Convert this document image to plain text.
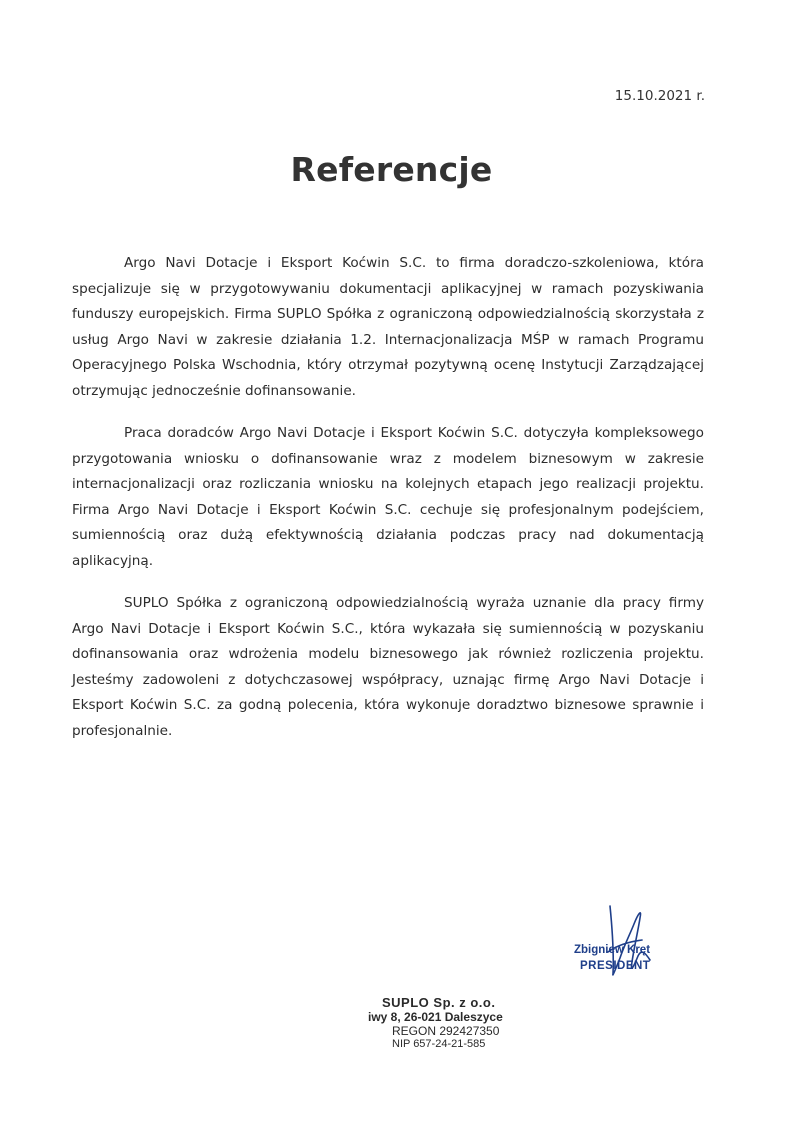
15.10.2021 r.
Referencje

Argo Navi Dotacje i Eksport Koćwin S.C. to firma doradczo-szkoleniowa, która specjalizuje się w przygotowywaniu dokumentacji aplikacyjnej w ramach pozyskiwania funduszy europejskich. Firma SUPLO Spółka z ograniczoną odpowiedzialnością skorzystała z usług Argo Navi w zakresie działania 1.2. Internacjonalizacja MŚP w ramach Programu Operacyjnego Polska Wschodnia, który otrzymał pozytywną ocenę Instytucji Zarządzającej otrzymując jednocześnie dofinansowanie.

Praca doradców Argo Navi Dotacje i Eksport Koćwin S.C. dotyczyła kompleksowego przygotowania wniosku o dofinansowanie wraz z modelem biznesowym w zakresie internacjonalizacji oraz rozliczania wniosku na kolejnych etapach jego realizacji projektu. Firma Argo Navi Dotacje i Eksport Koćwin S.C. cechuje się profesjonalnym podejściem, sumiennością oraz dużą efektywnością działania podczas pracy nad dokumentacją aplikacyjną.

SUPLO Spółka z ograniczoną odpowiedzialnością wyraża uznanie dla pracy firmy Argo Navi Dotacje i Eksport Koćwin S.C., która wykazała się sumiennością w pozyskaniu dofinansowania oraz wdrożenia modelu biznesowego jak również rozliczenia projektu. Jesteśmy zadowoleni z dotychczasowej współpracy, uznając firmę Argo Navi Dotacje i Eksport Koćwin S.C. za godną polecenia, która wykonuje doradztwo biznesowe sprawnie i profesjonalnie.

Zbigniew Kręt
PRESIDENT
SUPLO Sp. z o.o.
iwy 8, 26-021 Daleszyce
REGON 292427350
NIP 657-24-21-585
